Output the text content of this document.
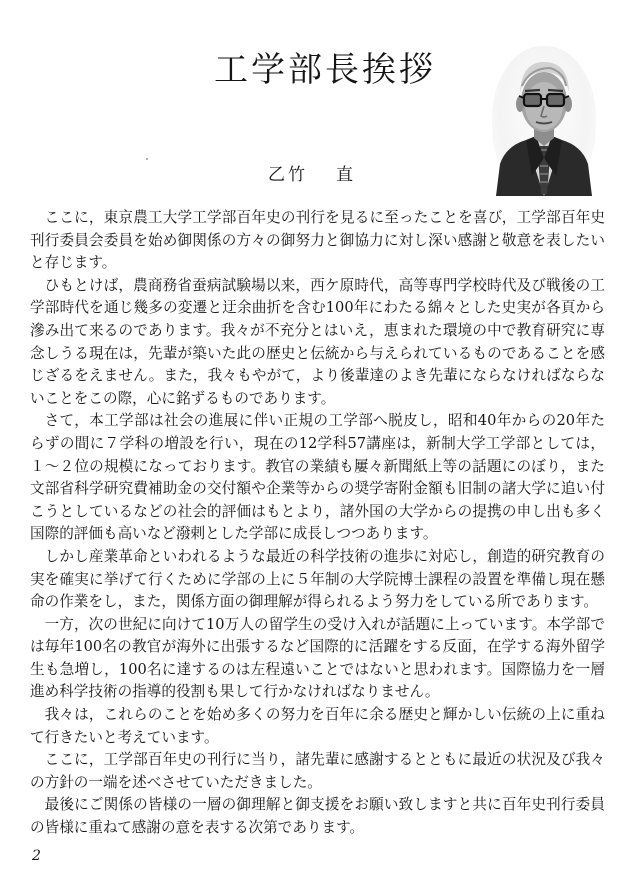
工学部長挨拶

乙竹 直

ここに，東京農工大学工学部百年史の刊行を見るに至ったことを喜び，工学部百年史刊行委員会委員を始め御関係の方々の御努力と御協力に対し深い感謝と敬意を表したいと存じます。

ひもとけば，農商務省蚕病試験場以来，西ケ原時代，高等専門学校時代及び戦後の工学部時代を通じ幾多の変遷と迂余曲折を含む100年にわたる綿々とした史実が各頁から滲み出て来るのであります。我々が不充分とはいえ，恵まれた環境の中で教育研究に専念しうる現在は，先輩が築いた此の歴史と伝統から与えられているものであることを感じざるをえません。また，我々もやがて，より後輩達のよき先輩にならなければならないことをこの際，心に銘ずるものであります。

さて，本工学部は社会の進展に伴い正規の工学部へ脱皮し，昭和40年からの20年たらずの間に７学科の増設を行い，現在の12学科57講座は，新制大学工学部としては，１～２位の規模になっております。教官の業績も屢々新聞紙上等の話題にのぼり，また文部省科学研究費補助金の交付額や企業等からの奨学寄附金額も旧制の諸大学に追い付こうとしているなどの社会的評価はもとより，諸外国の大学からの提携の申し出も多く国際的評価も高いなど潑剌とした学部に成長しつつあります。

しかし産業革命といわれるような最近の科学技術の進歩に対応し，創造的研究教育の実を確実に挙げて行くために学部の上に５年制の大学院博士課程の設置を準備し現在懸命の作業をし，また，関係方面の御理解が得られるよう努力をしている所であります。

一方，次の世紀に向けて10万人の留学生の受け入れが話題に上っています。本学部では毎年100名の教官が海外に出張するなど国際的に活躍をする反面，在学する海外留学生も急増し，100名に達するのは左程遠いことではないと思われます。国際協力を一層進め科学技術の指導的役割も果して行かなければなりません。

我々は，これらのことを始め多くの努力を百年に余る歴史と輝かしい伝統の上に重ねて行きたいと考えています。

ここに，工学部百年史の刊行に当り，諸先輩に感謝するとともに最近の状況及び我々の方針の一端を述べさせていただきました。

最後にご関係の皆様の一層の御理解と御支援をお願い致しますと共に百年史刊行委員の皆様に重ねて感謝の意を表する次第であります。

2
